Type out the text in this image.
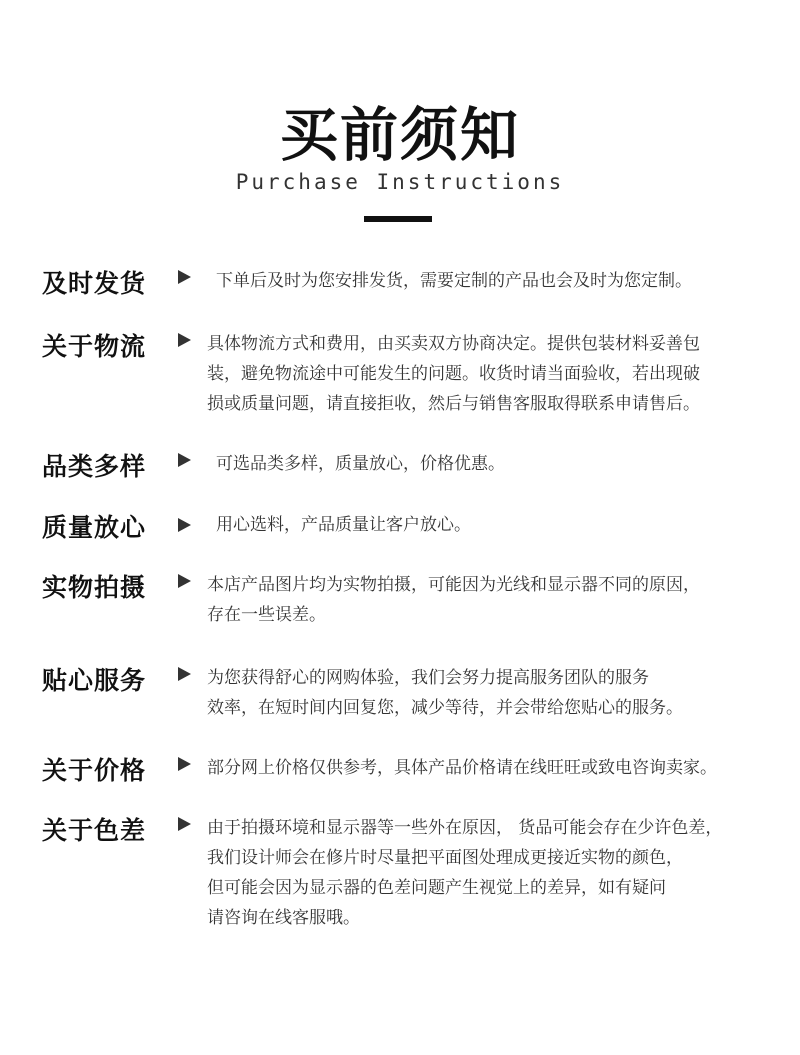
买前须知
Purchase Instructions
及时发货	下单后及时为您安排发货，需要定制的产品也会及时为您定制。
关于物流	具体物流方式和费用，由买卖双方协商决定。提供包装材料妥善包
装，避免物流途中可能发生的问题。收货时请当面验收，若出现破
损或质量问题，请直接拒收，然后与销售客服取得联系申请售后。
品类多样	可选品类多样，质量放心，价格优惠。
质量放心	用心选料，产品质量让客户放心。
实物拍摄	本店产品图片均为实物拍摄，可能因为光线和显示器不同的原因，
存在一些误差。
贴心服务	为您获得舒心的网购体验，我们会努力提高服务团队的服务
效率，在短时间内回复您，减少等待，并会带给您贴心的服务。
关于价格	部分网上价格仅供参考，具体产品价格请在线旺旺或致电咨询卖家。
关于色差	由于拍摄环境和显示器等一些外在原因， 货品可能会存在少许色差，
我们设计师会在修片时尽量把平面图处理成更接近实物的颜色，
但可能会因为显示器的色差问题产生视觉上的差异，如有疑问
请咨询在线客服哦。
